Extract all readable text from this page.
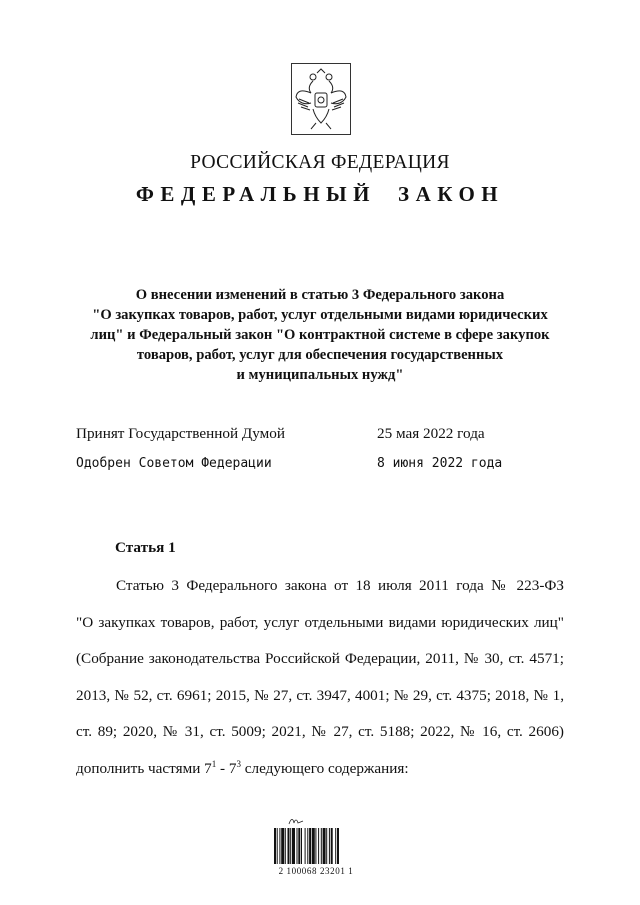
РОССИЙСКАЯ ФЕДЕРАЦИЯ
ФЕДЕРАЛЬНЫЙ ЗАКОН
О внесении изменений в статью 3 Федерального закона
"О закупках товаров, работ, услуг отдельными видами юридических
лиц" и Федеральный закон "О контрактной системе в сфере закупок
товаров, работ, услуг для обеспечения государственных
и муниципальных нужд"
Принят Государственной Думой	25 мая 2022 года
Одобрен Советом Федерации	8 июня 2022 года
Статья 1
Статью 3 Федерального закона от 18 июля 2011 года № 223-ФЗ
"О закупках товаров, работ, услуг отдельными видами юридических лиц"
(Собрание законодательства Российской Федерации, 2011, № 30, ст. 4571;
2013, № 52, ст. 6961; 2015, № 27, ст. 3947, 4001; № 29, ст. 4375; 2018, № 1,
ст. 89; 2020, № 31, ст. 5009; 2021, № 27, ст. 5188; 2022, № 16, ст. 2606)
дополнить частями $7^1 - 7^3$ следующего содержания:
2 100068 23201 1
